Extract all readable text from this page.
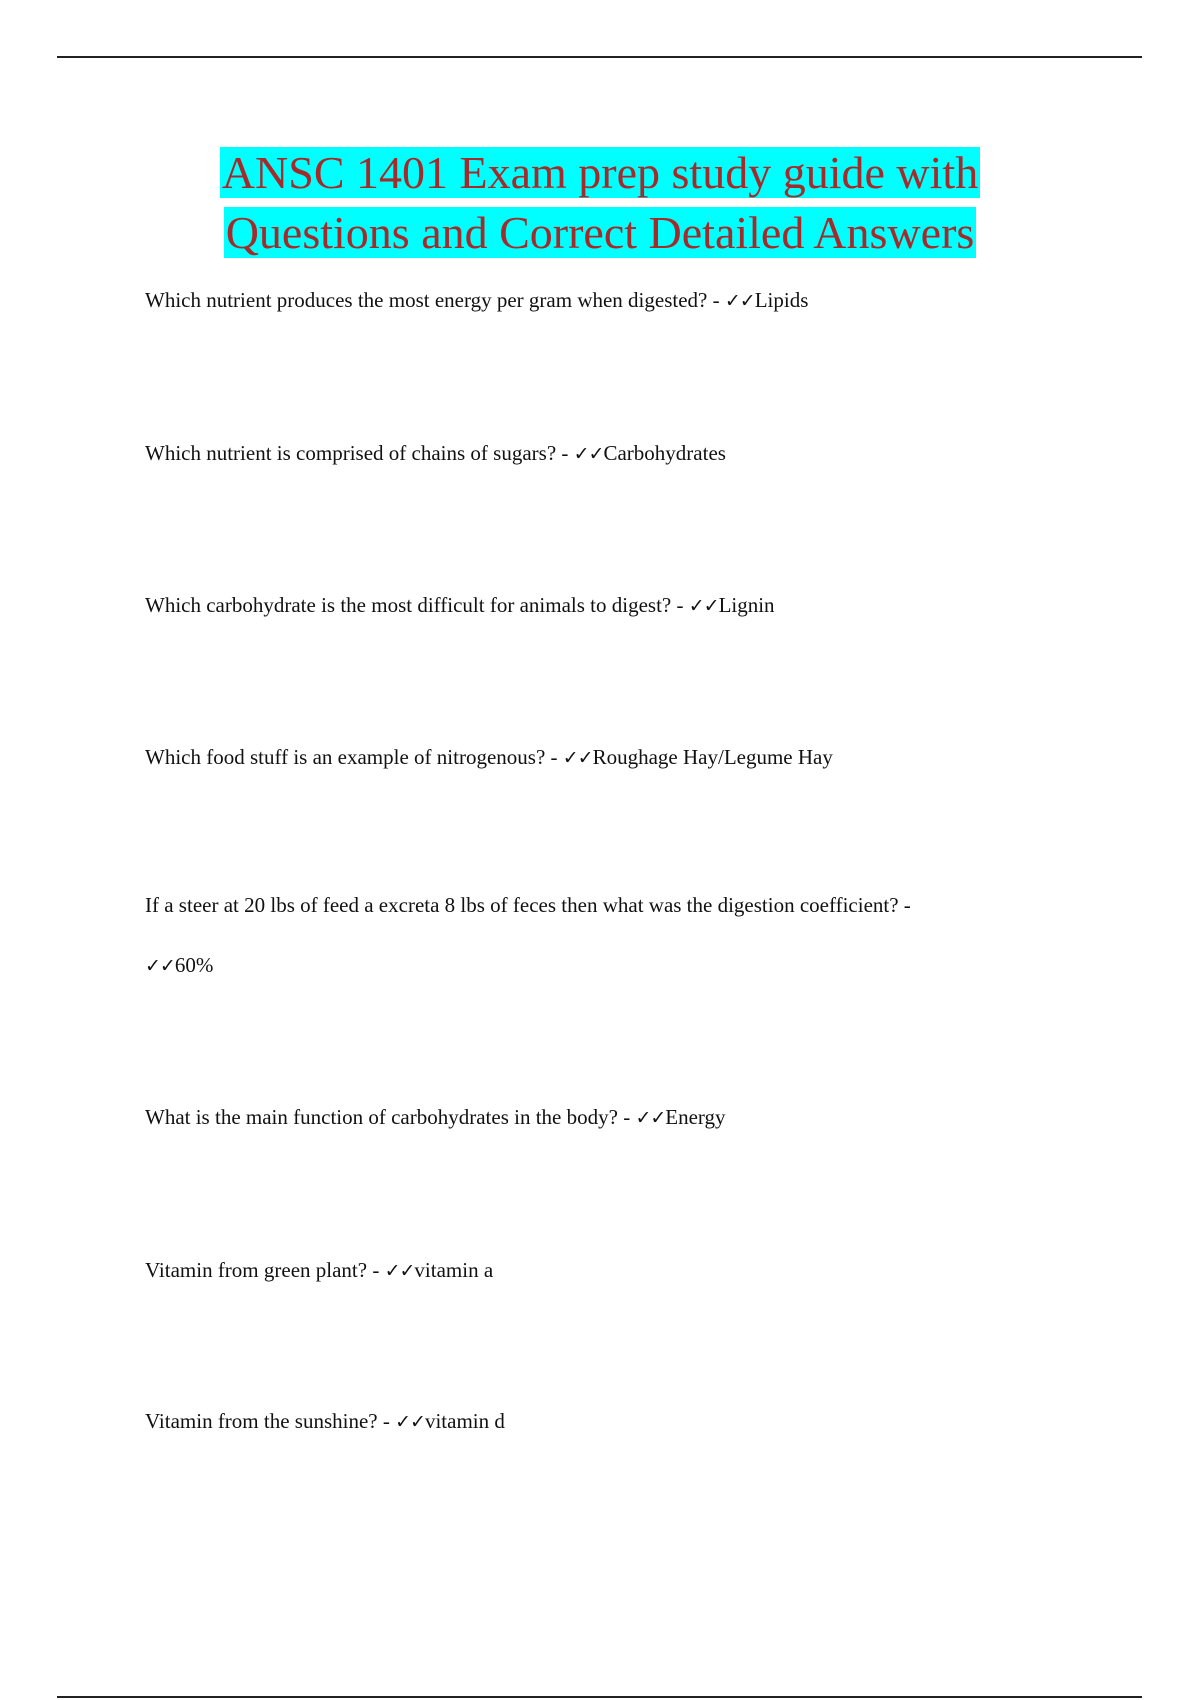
ANSC 1401 Exam prep study guide with
Questions and Correct Detailed Answers

Which nutrient produces the most energy per gram when digested? - ✓✓Lipids

Which nutrient is comprised of chains of sugars? - ✓✓Carbohydrates

Which carbohydrate is the most difficult for animals to digest? - ✓✓Lignin

Which food stuff is an example of nitrogenous? - ✓✓Roughage Hay/Legume Hay

If a steer at 20 lbs of feed a excreta 8 lbs of feces then what was the digestion coefficient? -
✓✓60%

What is the main function of carbohydrates in the body? - ✓✓Energy

Vitamin from green plant? - ✓✓vitamin a

Vitamin from the sunshine? - ✓✓vitamin d
